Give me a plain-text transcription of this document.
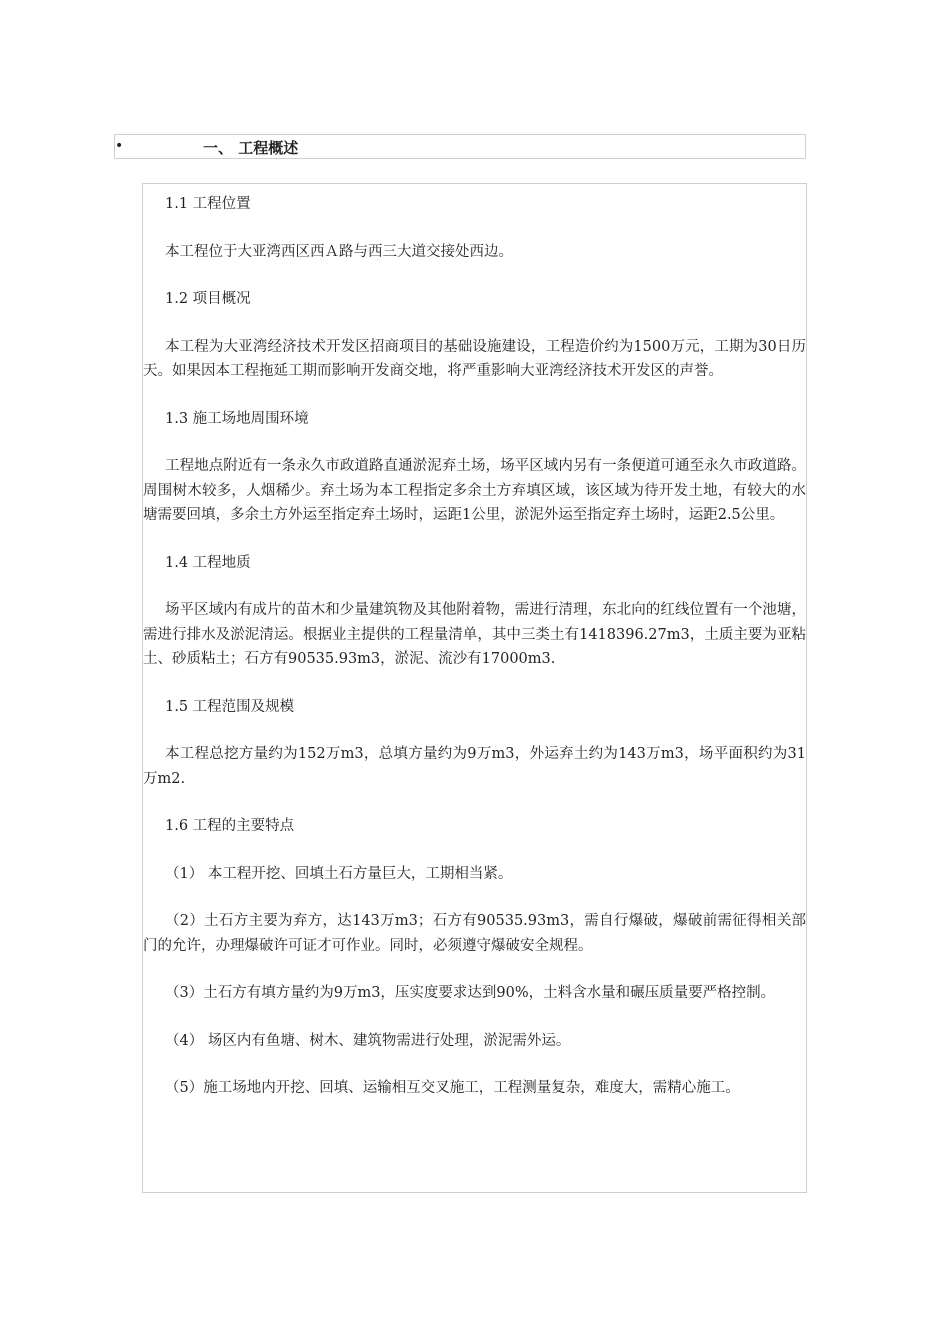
•	一、 工程概述

1.1 工程位置

本工程位于大亚湾西区西Ａ路与西三大道交接处西边。

1.2 项目概况

本工程为大亚湾经济技术开发区招商项目的基础设施建设，工程造价约为1500万元，工期为30日历天。如果因本工程拖延工期而影响开发商交地，将严重影响大亚湾经济技术开发区的声誉。

1.3 施工场地周围环境

工程地点附近有一条永久市政道路直通淤泥弃土场，场平区域内另有一条便道可通至永久市政道路。周围树木较多，人烟稀少。弃土场为本工程指定多余土方弃填区域，该区域为待开发土地，有较大的水塘需要回填，多余土方外运至指定弃土场时，运距1公里，淤泥外运至指定弃土场时，运距2.5公里。

1.4 工程地质

场平区域内有成片的苗木和少量建筑物及其他附着物，需进行清理，东北向的红线位置有一个池塘，需进行排水及淤泥清运。根据业主提供的工程量清单，其中三类土有1418396.27m3，土质主要为亚粘土、砂质粘土；石方有90535.93m3，淤泥、流沙有17000m3.

1.5 工程范围及规模

本工程总挖方量约为152万m3，总填方量约为9万m3，外运弃土约为143万m3，场平面积约为31万m2.

1.6 工程的主要特点

（1） 本工程开挖、回填土石方量巨大，工期相当紧。

（2）土石方主要为弃方，达143万m3；石方有90535.93m3，需自行爆破，爆破前需征得相关部门的允许，办理爆破许可证才可作业。同时，必须遵守爆破安全规程。

（3）土石方有填方量约为9万m3，压实度要求达到90%，土料含水量和碾压质量要严格控制。

（4） 场区内有鱼塘、树木、建筑物需进行处理，淤泥需外运。

（5）施工场地内开挖、回填、运输相互交叉施工，工程测量复杂，难度大，需精心施工。
